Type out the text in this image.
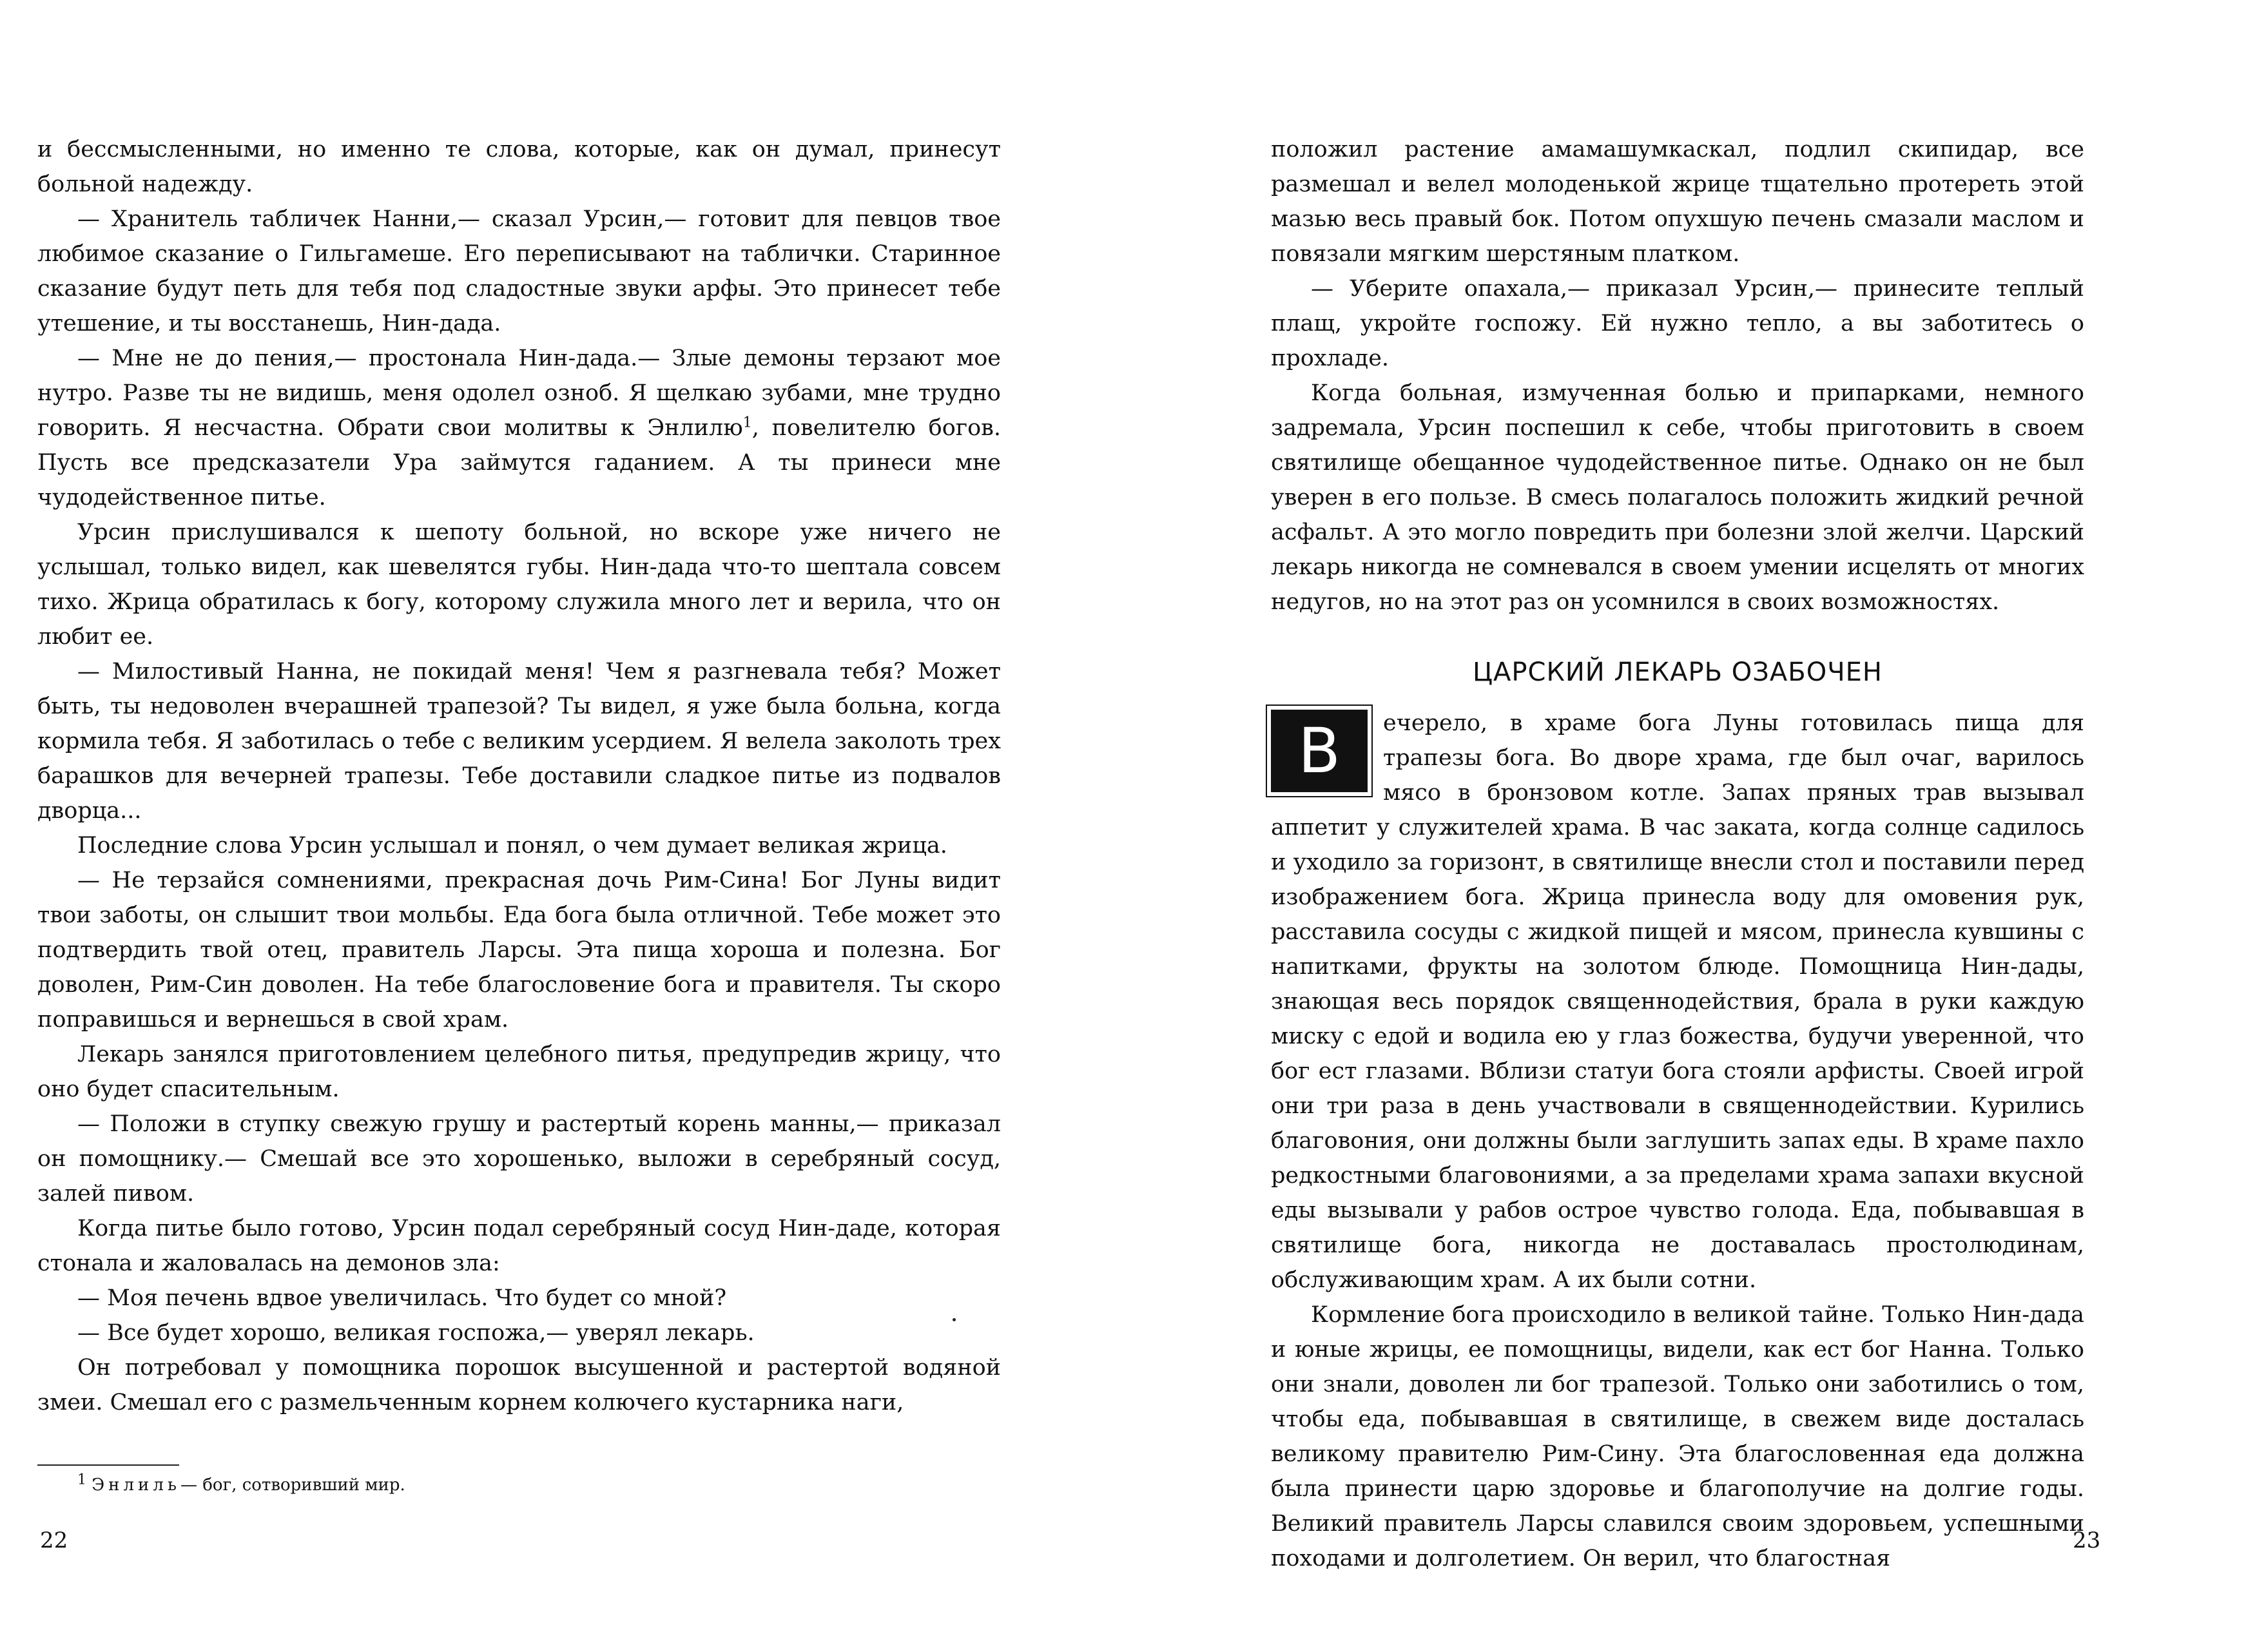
и бессмысленными, но именно те слова, которые, как он думал, принесут больной надежду.

— Хранитель табличек Нанни,— сказал Урсин,— готовит для певцов твое любимое сказание о Гильгамеше. Его переписывают на таблички. Старинное сказание будут петь для тебя под сладостные звуки арфы. Это принесет тебе утешение, и ты восстанешь, Нин-дада.

— Мне не до пения,— простонала Нин-дада.— Злые демоны терзают мое нутро. Разве ты не видишь, меня одолел озноб. Я щелкаю зубами, мне трудно говорить. Я несчастна. Обрати свои молитвы к Энлилю$^1$, повелителю богов. Пусть все предсказатели Ура займутся гаданием. А ты принеси мне чудодейственное питье.

Урсин прислушивался к шепоту больной, но вскоре уже ничего не услышал, только видел, как шевелятся губы. Нин-дада что-то шептала совсем тихо. Жрица обратилась к богу, которому служила много лет и верила, что он любит ее.

— Милостивый Нанна, не покидай меня! Чем я разгневала тебя? Может быть, ты недоволен вчерашней трапезой? Ты видел, я уже была больна, когда кормила тебя. Я заботилась о тебе с великим усердием. Я велела заколоть трех барашков для вечерней трапезы. Тебе доставили сладкое питье из подвалов дворца...

Последние слова Урсин услышал и понял, о чем думает великая жрица.

— Не терзайся сомнениями, прекрасная дочь Рим-Сина! Бог Луны видит твои заботы, он слышит твои мольбы. Еда бога была отличной. Тебе может это подтвердить твой отец, правитель Ларсы. Эта пища хороша и полезна. Бог доволен, Рим-Син доволен. На тебе благословение бога и правителя. Ты скоро поправишься и вернешься в свой храм.

Лекарь занялся приготовлением целебного питья, предупредив жрицу, что оно будет спасительным.

— Положи в ступку свежую грушу и растертый корень манны,— приказал он помощнику.— Смешай все это хорошенько, выложи в серебряный сосуд, залей пивом.

Когда питье было готово, Урсин подал серебряный сосуд Нин-даде, которая стонала и жаловалась на демонов зла:

— Моя печень вдвое увеличилась. Что будет со мной?

— Все будет хорошо, великая госпожа,— уверял лекарь.

Он потребовал у помощника порошок высушенной и растертой водяной змеи. Смешал его с размельченным корнем колючего кустарника наги,

$^1$ Энлиль— бог, сотворивший мир.
22

положил растение амамашумкаскал, подлил скипидар, все размешал и велел молоденькой жрице тщательно протереть этой мазью весь правый бок. Потом опухшую печень смазали маслом и повязали мягким шерстяным платком.

— Уберите опахала,— приказал Урсин,— принесите теплый плащ, укройте госпожу. Ей нужно тепло, а вы заботитесь о прохладе.

Когда больная, измученная болью и припарками, немного задремала, Урсин поспешил к себе, чтобы приготовить в своем святилище обещанное чудодейственное питье. Однако он не был уверен в его пользе. В смесь полагалось положить жидкий речной асфальт. А это могло повредить при болезни злой желчи. Царский лекарь никогда не сомневался в своем умении исцелять от многих недугов, но на этот раз он усомнился в своих возможностях.

ЦАРСКИЙ ЛЕКАРЬ ОЗАБОЧЕН
В	ечерело, в храме бога Луны готовилась пища для трапезы бога. Во дворе храма, где был очаг, варилось мясо в бронзовом котле. Запах пряных трав вызывал аппетит у служителей храма. В час заката, когда солнце садилось и уходило за горизонт, в святилище внесли стол и поставили перед изображением бога. Жрица принесла воду для омовения рук, расставила сосуды с жидкой пищей и мясом, принесла кувшины с напитками, фрукты на золотом блюде. Помощница Нин-дады, знающая весь порядок священнодействия, брала в руки каждую миску с едой и водила ею у глаз божества, будучи уверенной, что бог ест глазами. Вблизи статуи бога стояли арфисты. Своей игрой они три раза в день участвовали в священнодействии. Курились благовония, они должны были заглушить запах еды. В храме пахло редкостными благовониями, а за пределами храма запахи вкусной еды вызывали у рабов острое чувство голода. Еда, побывавшая в святилище бога, никогда не доставалась простолюдинам, обслуживающим храм. А их были сотни.

Кормление бога происходило в великой тайне. Только Нин-дада и юные жрицы, ее помощницы, видели, как ест бог Нанна. Только они знали, доволен ли бог трапезой. Только они заботились о том, чтобы еда, побывавшая в святилище, в свежем виде досталась великому правителю Рим-Сину. Эта благословенная еда должна была принести царю здоровье и благополучие на долгие годы. Великий правитель Ларсы славился своим здоровьем, успешными походами и долголетием. Он верил, что благостная

23
